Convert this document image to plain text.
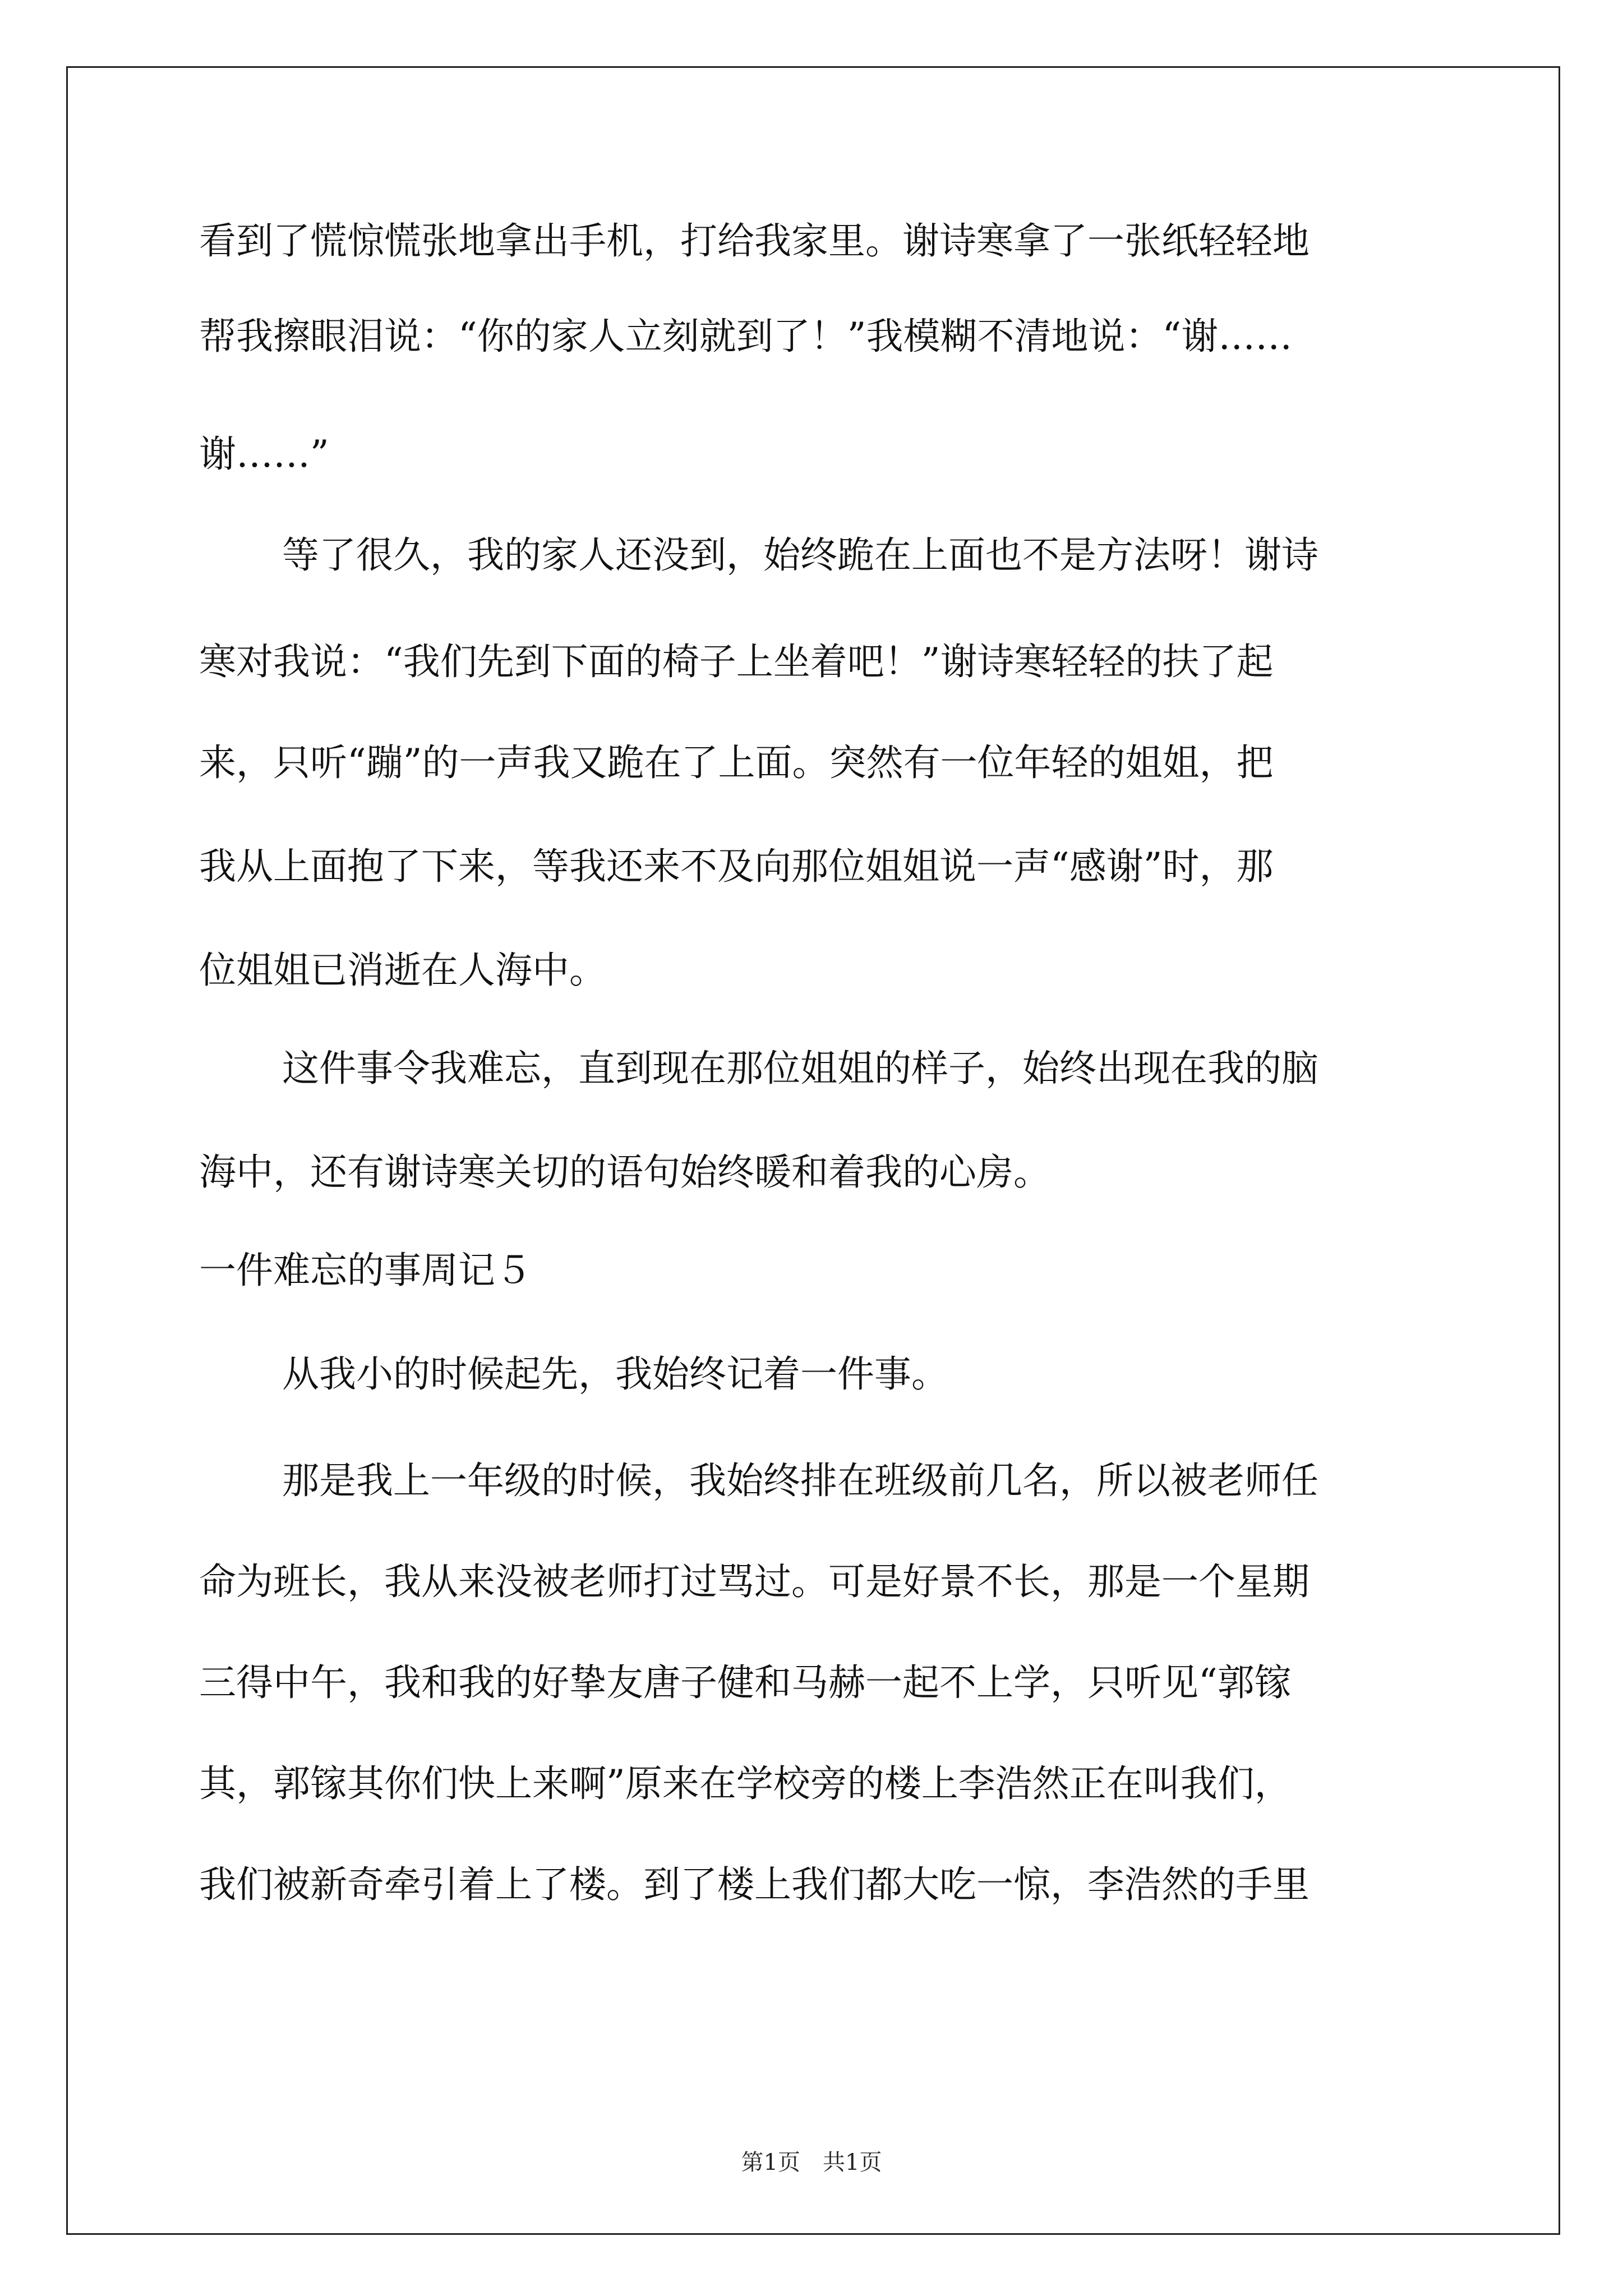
看到了慌惊慌张地拿出手机，打给我家里。谢诗寒拿了一张纸轻轻地
帮我擦眼泪说：“你的家人立刻就到了！”我模糊不清地说：“谢……
谢……”
等了很久，我的家人还没到，始终跪在上面也不是方法呀！谢诗
寒对我说：“我们先到下面的椅子上坐着吧！”谢诗寒轻轻的扶了起
来，只听“蹦”的一声我又跪在了上面。突然有一位年轻的姐姐，把
我从上面抱了下来，等我还来不及向那位姐姐说一声“感谢”时，那
位姐姐已消逝在人海中。
这件事令我难忘，直到现在那位姐姐的样子，始终出现在我的脑
海中，还有谢诗寒关切的语句始终暖和着我的心房。
一件难忘的事周记５
从我小的时候起先，我始终记着一件事。
那是我上一年级的时候，我始终排在班级前几名，所以被老师任
命为班长，我从来没被老师打过骂过。可是好景不长，那是一个星期
三得中午，我和我的好挚友唐子健和马赫一起不上学，只听见“郭镓
其，郭镓其你们快上来啊”原来在学校旁的楼上李浩然正在叫我们，
我们被新奇牵引着上了楼。到了楼上我们都大吃一惊，李浩然的手里
第1页　共1页
